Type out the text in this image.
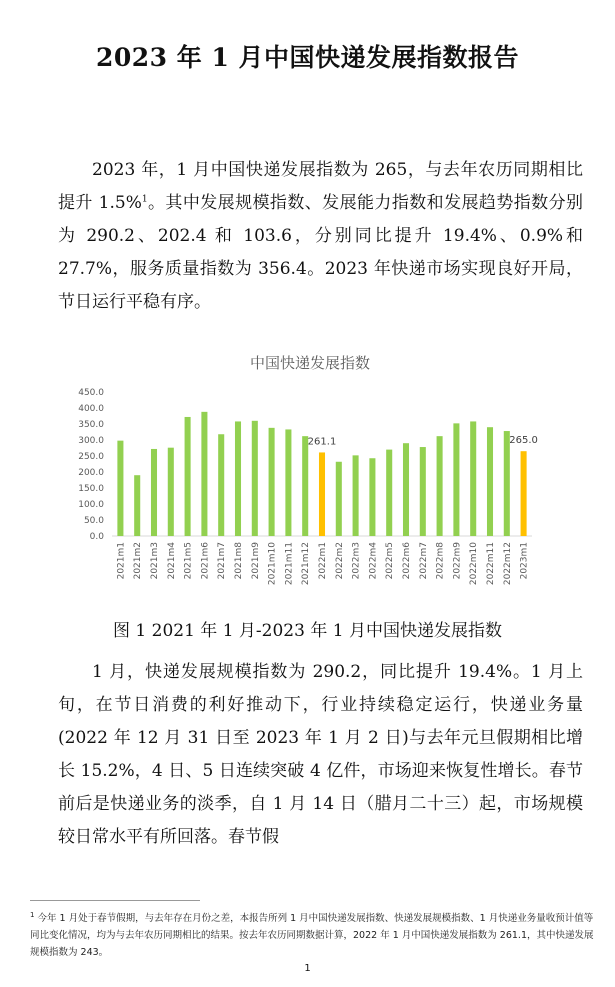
2023 年 1 月中国快递发展指数报告

2023 年，1 月中国快递发展指数为 265，与去年农历同期相比提升 1.5%$^1$。其中发展规模指数、发展能力指数和发展趋势指数分别为 290.2、202.4 和 103.6，分别同比提升 19.4%、0.9%和 27.7%，服务质量指数为 356.4。2023 年快递市场实现良好开局，节日运行平稳有序。

中国快递发展指数
0.0
50.0
100.0
150.0
200.0
250.0
300.0
350.0
400.0
450.0
2021m1 2021m2 2021m3 2021m4 2021m5 2021m6 2021m7 2021m8 2021m9 2021m10 2021m11 2021m12 2022m1 2022m2 2022m3 2022m4 2022m5 2022m6 2022m7 2022m8 2022m9 2022m10 2022m11 2022m12 2023m1
261.1	265.0
图 1 2021 年 1 月-2023 年 1 月中国快递发展指数

1 月，快递发展规模指数为 290.2，同比提升 19.4%。1 月上旬，在节日消费的利好推动下，行业持续稳定运行，快递业务量(2022 年 12 月 31 日至 2023 年 1 月 2 日)与去年元旦假期相比增长 15.2%，4 日、5 日连续突破 4 亿件，市场迎来恢复性增长。春节前后是快递业务的淡季，自 1 月 14 日（腊月二十三）起，市场规模较日常水平有所回落。春节假

$^1$ 今年 1 月处于春节假期，与去年存在月份之差，本报告所列 1 月中国快递发展指数、快递发展规模指数、1 月快递业务量收预计值等同比变化情况，均为与去年农历同期相比的结果。按去年农历同期数据计算，2022 年 1 月中国快递发展指数为 261.1，其中快递发展规模指数为 243。

1
